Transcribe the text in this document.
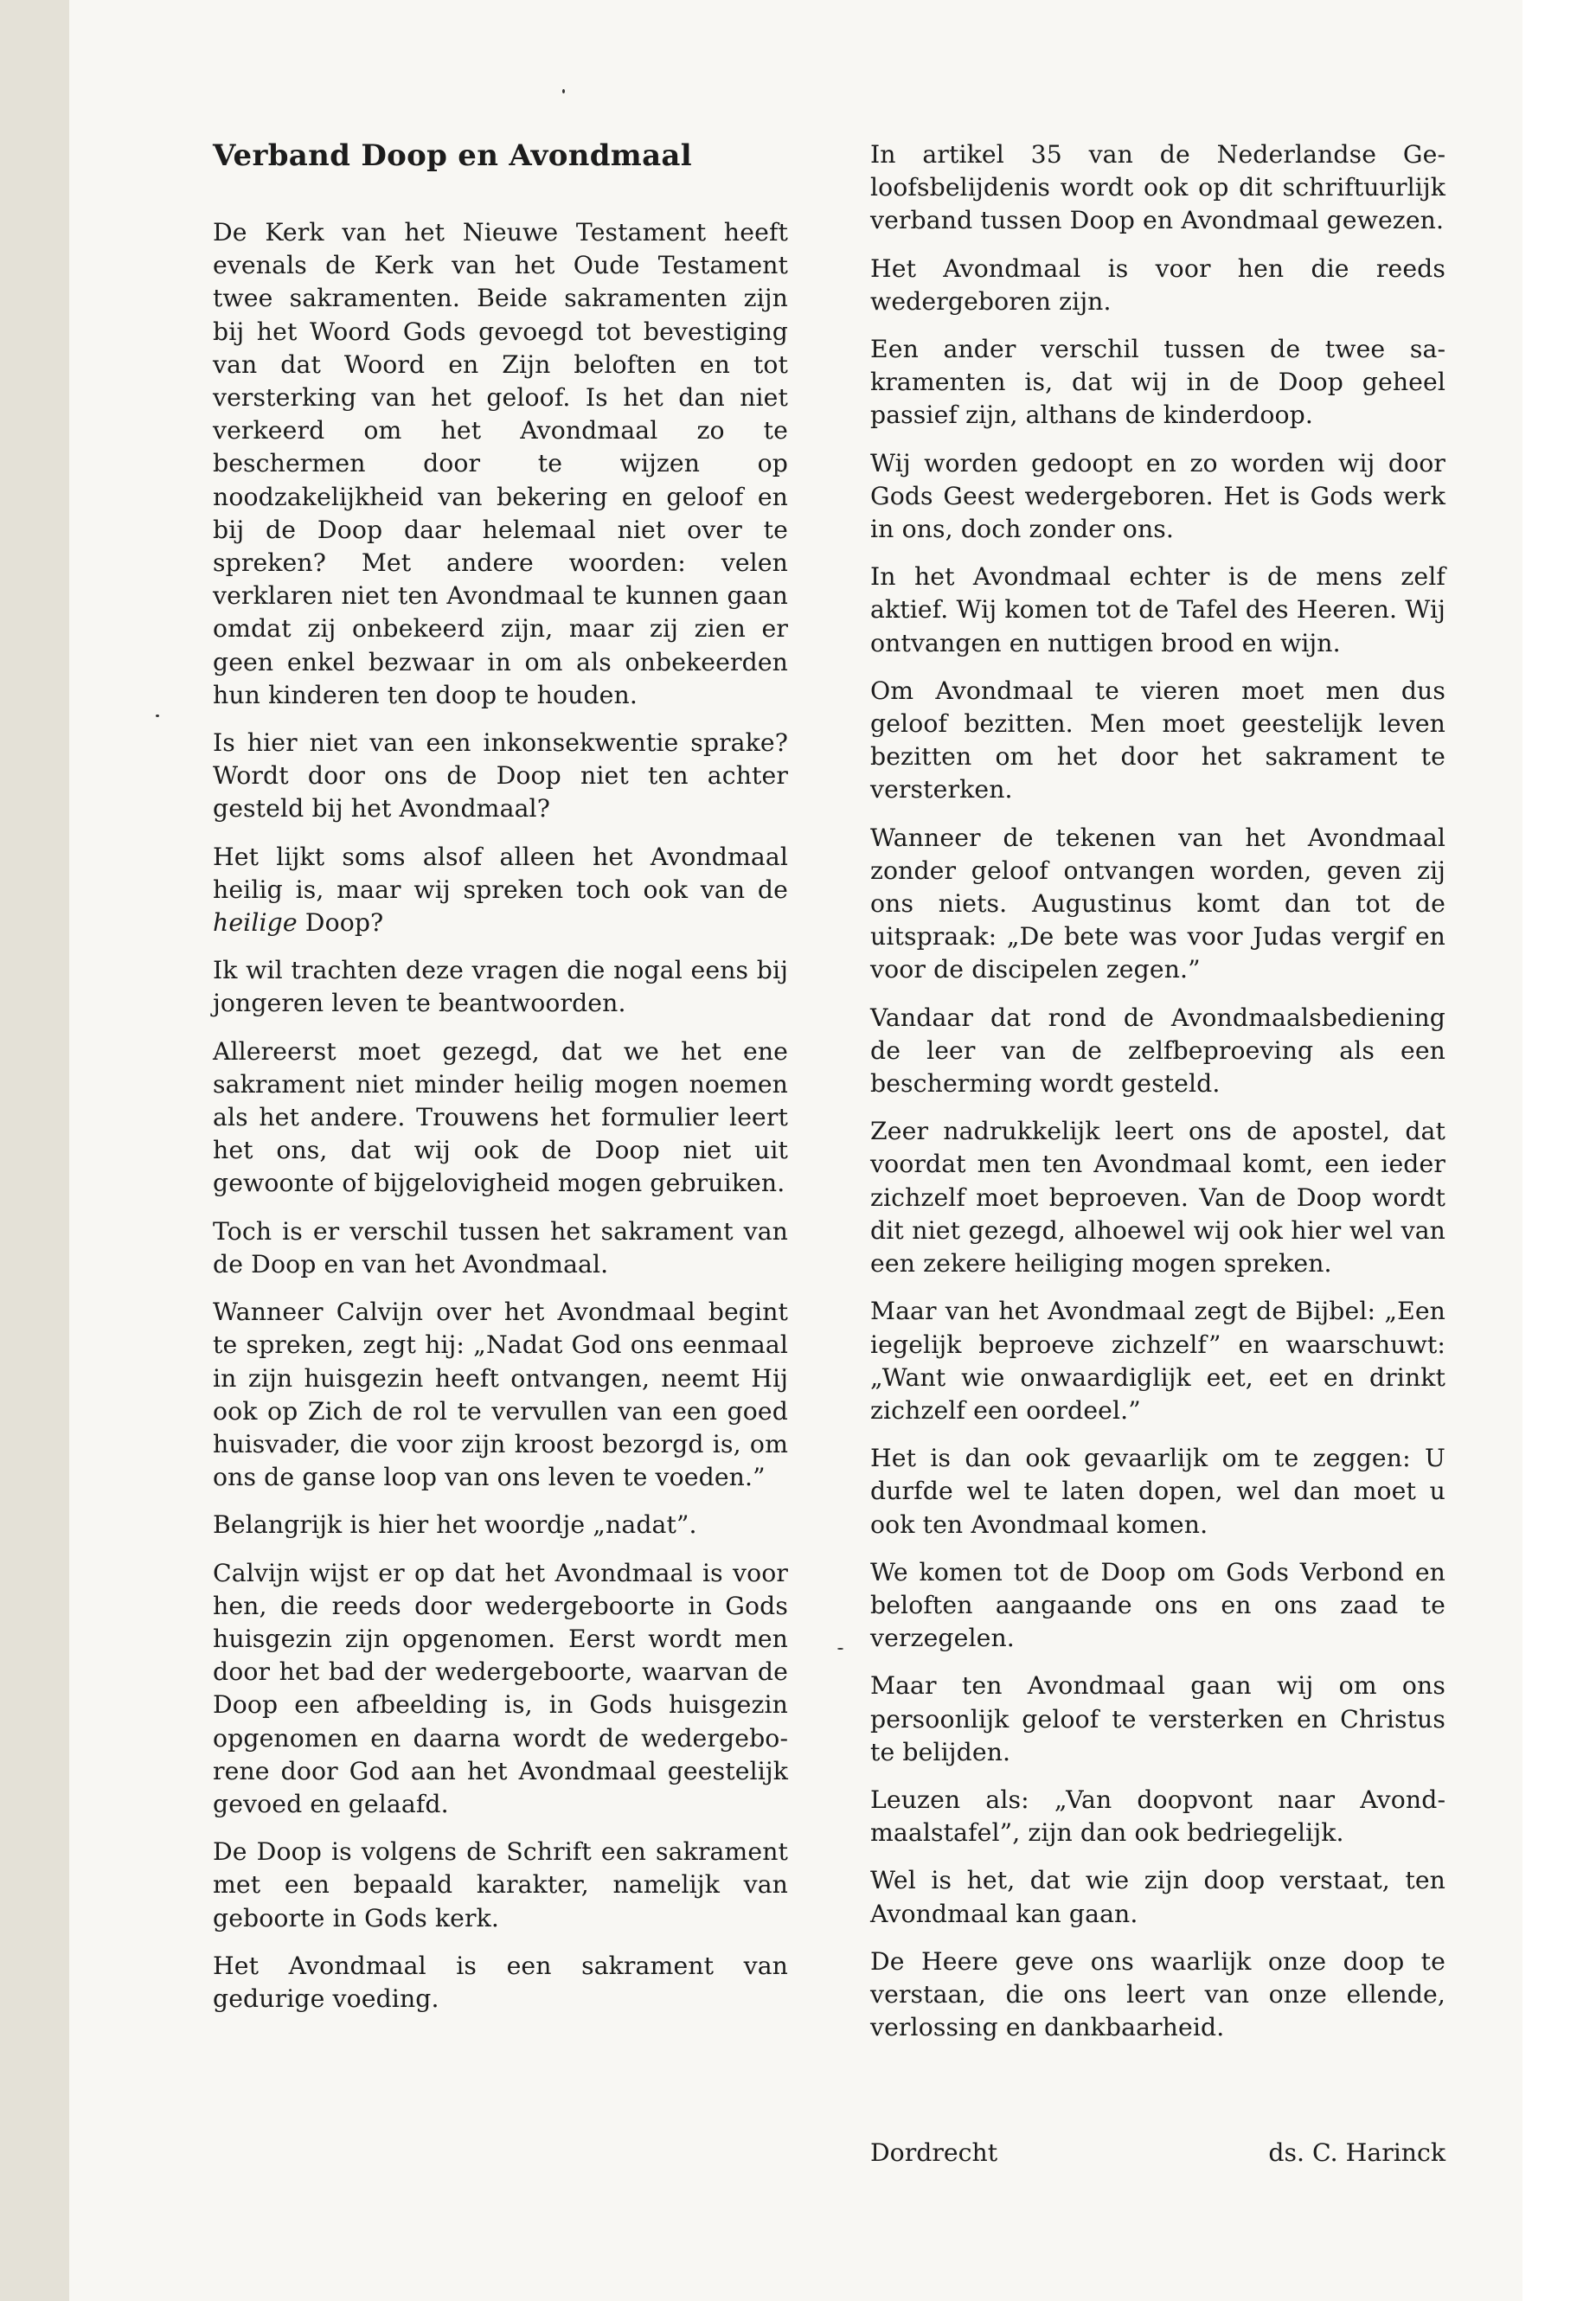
Verband Doop en Avondmaal

De Kerk van het Nieuwe Testament heeft evenals de Kerk van het Oude Testament twee sakramenten. Beide sakramenten zijn bij het Woord Gods gevoegd tot bevestiging van dat Woord en Zijn beloften en tot versterking van het geloof. Is het dan niet verkeerd om het Avondmaal zo te beschermen door te wijzen op noodzakelijkheid van bekering en geloof en bij de Doop daar helemaal niet over te spreken? Met andere woorden: velen verklaren niet ten Avondmaal te kunnen gaan omdat zij onbekeerd zijn, maar zij zien er geen enkel bezwaar in om als onbekeerden hun kinderen ten doop te houden.

Is hier niet van een inkonsekwentie sprake? Wordt door ons de Doop niet ten achter gesteld bij het Avondmaal?

Het lijkt soms alsof alleen het Avondmaal heilig is, maar wij spreken toch ook van de heilige Doop?

Ik wil trachten deze vragen die nogal eens bij jongeren leven te beantwoorden.

Allereerst moet gezegd, dat we het ene sakrament niet minder heilig mogen noemen als het andere. Trouwens het formulier leert het ons, dat wij ook de Doop niet uit gewoonte of bijgelovigheid mogen gebruiken.

Toch is er verschil tussen het sakrament van de Doop en van het Avondmaal.

Wanneer Calvijn over het Avondmaal begint te spreken, zegt hij: „Nadat God ons eenmaal in zijn huisgezin heeft ontvangen, neemt Hij ook op Zich de rol te vervullen van een goed huisvader, die voor zijn kroost bezorgd is, om ons de ganse loop van ons leven te voeden.”

Belangrijk is hier het woordje „nadat”.

Calvijn wijst er op dat het Avondmaal is voor hen, die reeds door wedergeboorte in Gods huisgezin zijn opgenomen. Eerst wordt men door het bad der wedergeboorte, waarvan de Doop een afbeelding is, in Gods huisgezin opgenomen en daarna wordt de wedergeborene door God aan het Avondmaal geestelijk gevoed en gelaafd.

De Doop is volgens de Schrift een sakrament met een bepaald karakter, namelijk van geboorte in Gods kerk.

Het Avondmaal is een sakrament van gedurige voeding.

In artikel 35 van de Nederlandse Geloofsbelijdenis wordt ook op dit schriftuurlijk verband tussen Doop en Avondmaal gewezen.

Het Avondmaal is voor hen die reeds wedergeboren zijn.

Een ander verschil tussen de twee sakramenten is, dat wij in de Doop geheel passief zijn, althans de kinderdoop.

Wij worden gedoopt en zo worden wij door Gods Geest wedergeboren. Het is Gods werk in ons, doch zonder ons.

In het Avondmaal echter is de mens zelf aktief. Wij komen tot de Tafel des Heeren. Wij ontvangen en nuttigen brood en wijn.

Om Avondmaal te vieren moet men dus geloof bezitten. Men moet geestelijk leven bezitten om het door het sakrament te versterken.

Wanneer de tekenen van het Avondmaal zonder geloof ontvangen worden, geven zij ons niets. Augustinus komt dan tot de uitspraak: „De bete was voor Judas vergif en voor de discipelen zegen.”

Vandaar dat rond de Avondmaalsbediening de leer van de zelfbeproeving als een bescherming wordt gesteld.

Zeer nadrukkelijk leert ons de apostel, dat voordat men ten Avondmaal komt, een ieder zichzelf moet beproeven. Van de Doop wordt dit niet gezegd, alhoewel wij ook hier wel van een zekere heiliging mogen spreken.

Maar van het Avondmaal zegt de Bijbel: „Een iegelijk beproeve zichzelf” en waarschuwt: „Want wie onwaardiglijk eet, eet en drinkt zichzelf een oordeel.”

Het is dan ook gevaarlijk om te zeggen: U durfde wel te laten dopen, wel dan moet u ook ten Avondmaal komen.

We komen tot de Doop om Gods Verbond en beloften aangaande ons en ons zaad te verzegelen.

Maar ten Avondmaal gaan wij om ons persoonlijk geloof te versterken en Christus te belijden.

Leuzen als: „Van doopvont naar Avondmaalstafel”, zijn dan ook bedriegelijk.

Wel is het, dat wie zijn doop verstaat, ten Avondmaal kan gaan.

De Heere geve ons waarlijk onze doop te verstaan, die ons leert van onze ellende, verlossing en dankbaarheid.

Dordrecht	ds. C. Harinck
